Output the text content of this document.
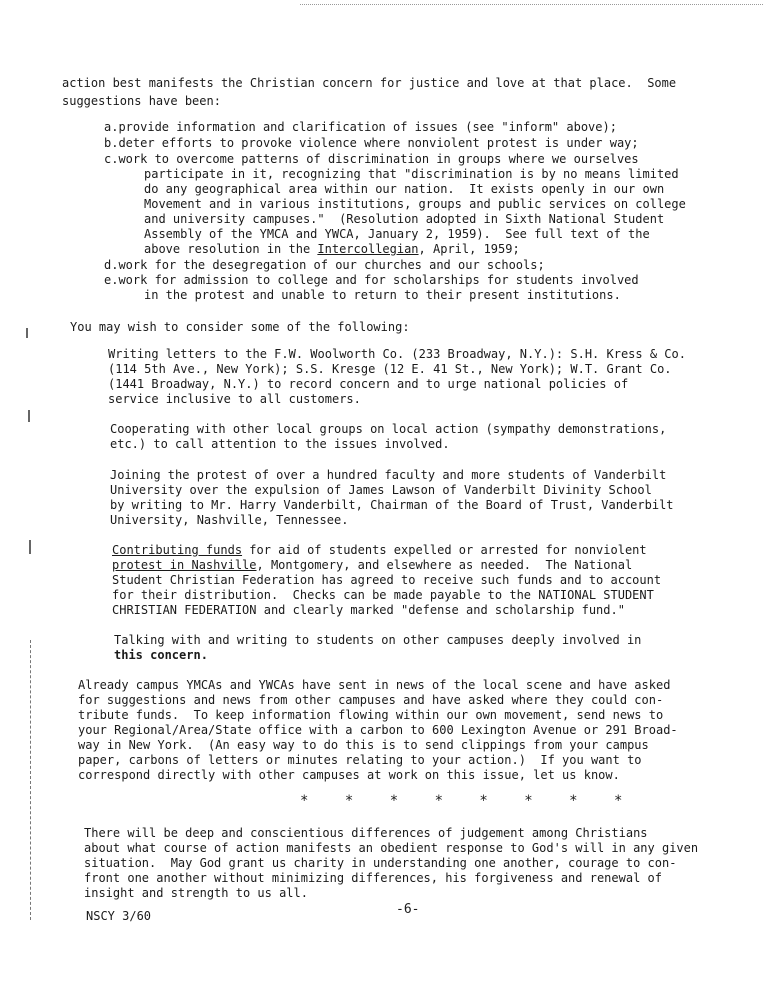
action best manifests the Christian concern for justice and love at that place.  Some
suggestions have been:
a.provide information and clarification of issues (see "inform" above);
b.deter efforts to provoke violence where nonviolent protest is under way;
c.work to overcome patterns of discrimination in groups where we ourselves
participate in it, recognizing that "discrimination is by no means limited
do any geographical area within our nation.  It exists openly in our own
Movement and in various institutions, groups and public services on college
and university campuses."  (Resolution adopted in Sixth National Student
Assembly of the YMCA and YWCA, January 2, 1959).  See full text of the
above resolution in the Intercollegian, April, 1959;
d.work for the desegregation of our churches and our schools;
e.work for admission to college and for scholarships for students involved
in the protest and unable to return to their present institutions.
You may wish to consider some of the following:
Writing letters to the F.W. Woolworth Co. (233 Broadway, N.Y.): S.H. Kress & Co.
(114 5th Ave., New York); S.S. Kresge (12 E. 41 St., New York); W.T. Grant Co.
(1441 Broadway, N.Y.) to record concern and to urge national policies of
service inclusive to all customers.
Cooperating with other local groups on local action (sympathy demonstrations,
etc.) to call attention to the issues involved.
Joining the protest of over a hundred faculty and more students of Vanderbilt
University over the expulsion of James Lawson of Vanderbilt Divinity School
by writing to Mr. Harry Vanderbilt, Chairman of the Board of Trust, Vanderbilt
University, Nashville, Tennessee.
Contributing funds for aid of students expelled or arrested for nonviolent
protest in Nashville, Montgomery, and elsewhere as needed.  The National
Student Christian Federation has agreed to receive such funds and to account
for their distribution.  Checks can be made payable to the NATIONAL STUDENT
CHRISTIAN FEDERATION and clearly marked "defense and scholarship fund."
Talking with and writing to students on other campuses deeply involved in
this concern.
Already campus YMCAs and YWCAs have sent in news of the local scene and have asked
for suggestions and news from other campuses and have asked where they could con-
tribute funds.  To keep information flowing within our own movement, send news to
your Regional/Area/State office with a carbon to 600 Lexington Avenue or 291 Broad-
way in New York.  (An easy way to do this is to send clippings from your campus
paper, carbons of letters or minutes relating to your action.)  If you want to
correspond directly with other campuses at work on this issue, let us know.
* * * * * * * *
There will be deep and conscientious differences of judgement among Christians
about what course of action manifests an obedient response to God's will in any given
situation.  May God grant us charity in understanding one another, courage to con-
front one another without minimizing differences, his forgiveness and renewal of
insight and strength to us all.
-6-
NSCY 3/60
